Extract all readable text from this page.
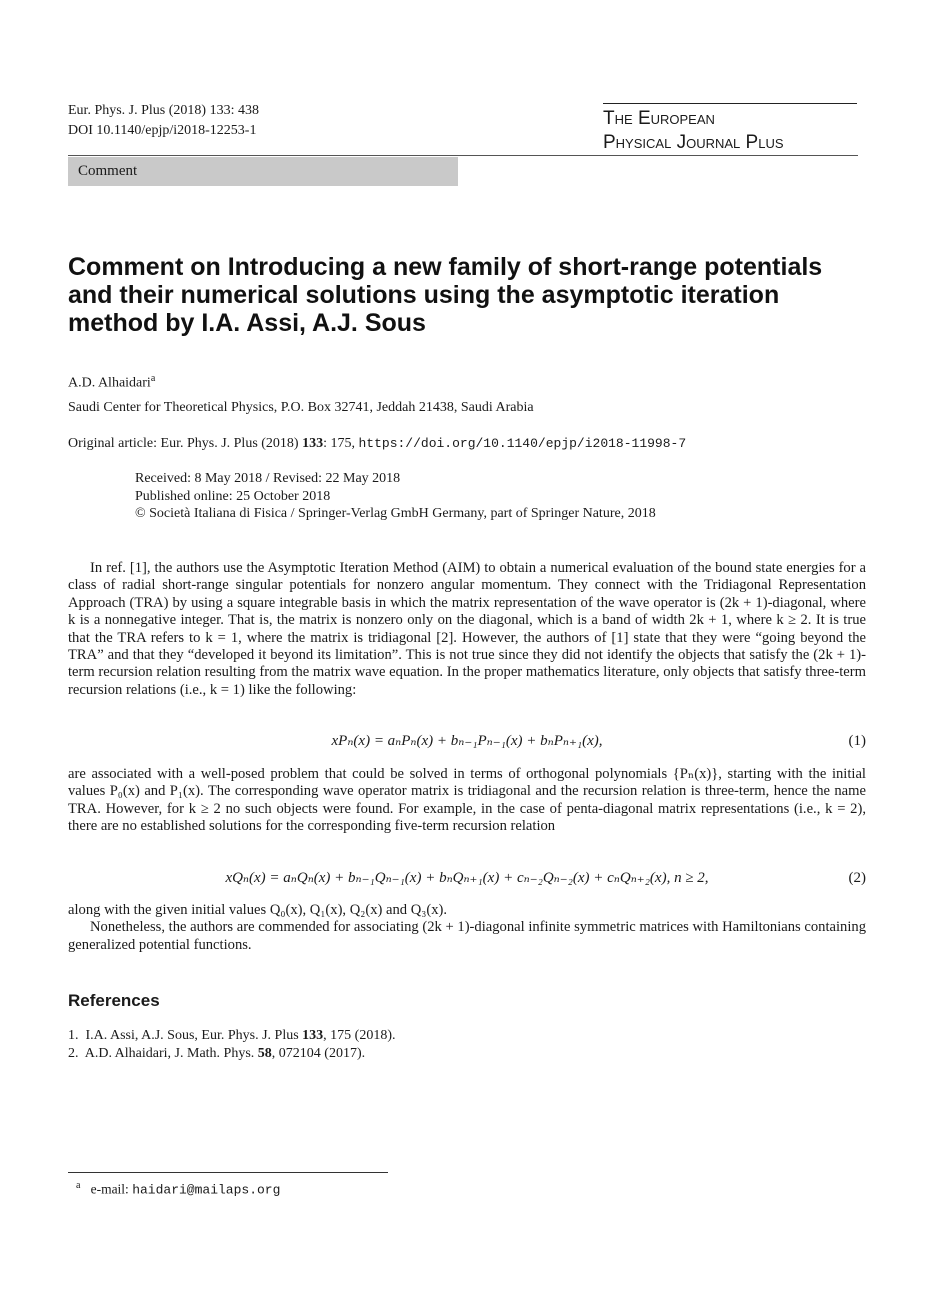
Eur. Phys. J. Plus (2018) 133: 438
DOI 10.1140/epjp/i2018-12253-1
The European
Physical Journal Plus
Comment
Comment on Introducing a new family of short-range potentials and their numerical solutions using the asymptotic iteration method by I.A. Assi, A.J. Sous
A.D. Alhaidari$^a$
Saudi Center for Theoretical Physics, P.O. Box 32741, Jeddah 21438, Saudi Arabia
Original article: Eur. Phys. J. Plus (2018) 133: 175, https://doi.org/10.1140/epjp/i2018-11998-7
Received: 8 May 2018 / Revised: 22 May 2018
Published online: 25 October 2018
© Società Italiana di Fisica / Springer-Verlag GmbH Germany, part of Springer Nature, 2018

In ref. [1], the authors use the Asymptotic Iteration Method (AIM) to obtain a numerical evaluation of the bound state energies for a class of radial short-range singular potentials for nonzero angular momentum. They connect with the Tridiagonal Representation Approach (TRA) by using a square integrable basis in which the matrix representation of the wave operator is (2k + 1)-diagonal, where k is a nonnegative integer. That is, the matrix is nonzero only on the diagonal, which is a band of width 2k + 1, where k ≥ 2. It is true that the TRA refers to k = 1, where the matrix is tridiagonal [2]. However, the authors of [1] state that they were “going beyond the TRA” and that they “developed it beyond its limitation”. This is not true since they did not identify the objects that satisfy the (2k + 1)-term recursion relation resulting from the matrix wave equation. In the proper mathematics literature, only objects that satisfy three-term recursion relations (i.e., k = 1) like the following:

xPₙ(x) = aₙPₙ(x) + bₙ₋₁Pₙ₋₁(x) + bₙPₙ₊₁(x),	(1)

are associated with a well-posed problem that could be solved in terms of orthogonal polynomials {Pₙ(x)}, starting with the initial values P₀(x) and P₁(x). The corresponding wave operator matrix is tridiagonal and the recursion relation is three-term, hence the name TRA. However, for k ≥ 2 no such objects were found. For example, in the case of penta-diagonal matrix representations (i.e., k = 2), there are no established solutions for the corresponding five-term recursion relation

xQₙ(x) = aₙQₙ(x) + bₙ₋₁Qₙ₋₁(x) + bₙQₙ₊₁(x) + cₙ₋₂Qₙ₋₂(x) + cₙQₙ₊₂(x), n ≥ 2,	(2)

along with the given initial values Q₀(x), Q₁(x), Q₂(x) and Q₃(x).

Nonetheless, the authors are commended for associating (2k + 1)-diagonal infinite symmetric matrices with Hamiltonians containing generalized potential functions.

References
1. I.A. Assi, A.J. Sous, Eur. Phys. J. Plus 133, 175 (2018).
2. A.D. Alhaidari, J. Math. Phys. 58, 072104 (2017).
$^a$ e-mail: haidari@mailaps.org
